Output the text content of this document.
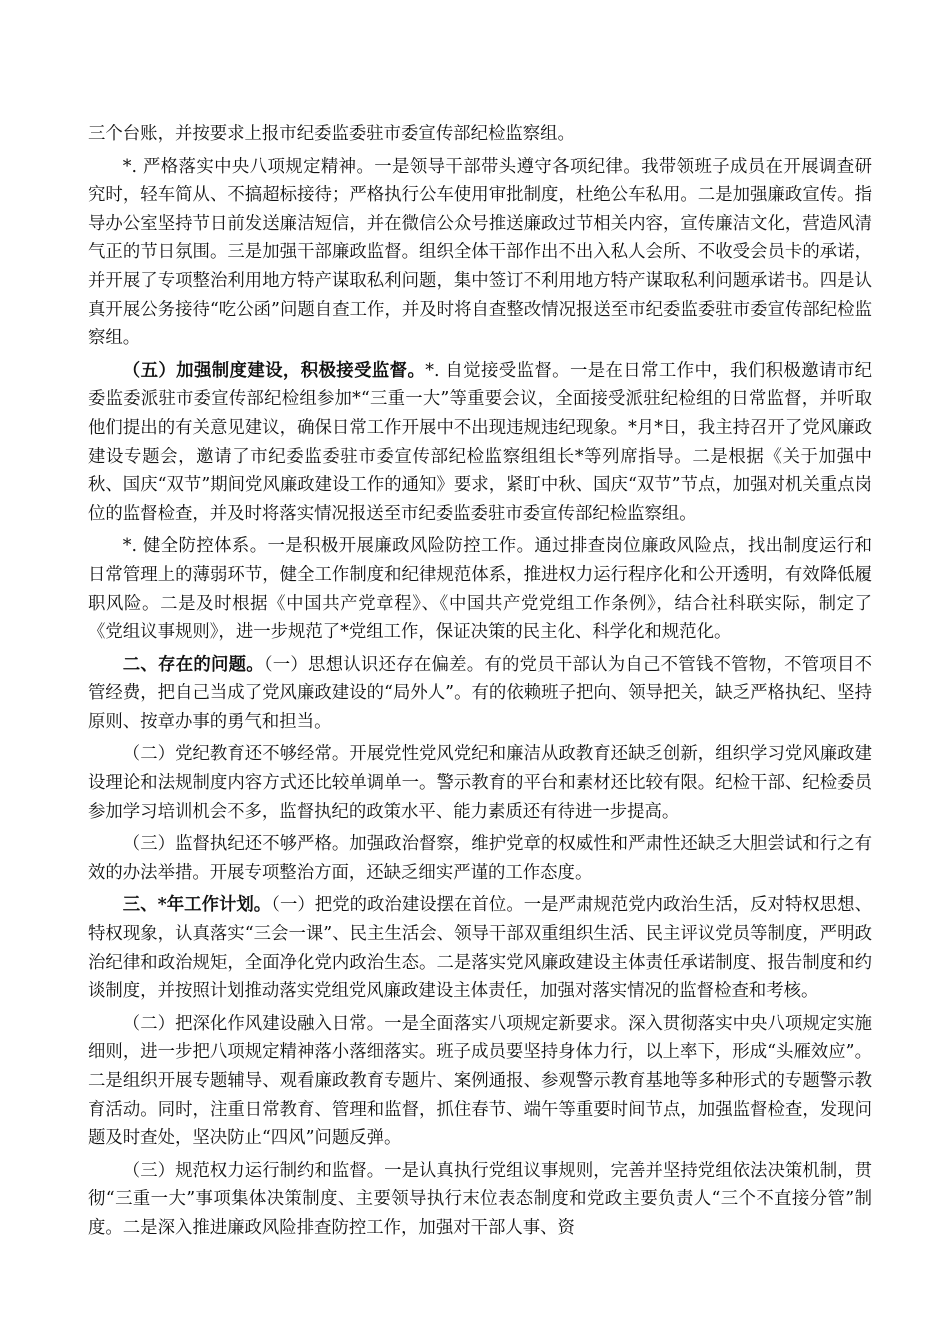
三个台账，并按要求上报市纪委监委驻市委宣传部纪检监察组。

*. 严格落实中央八项规定精神。一是领导干部带头遵守各项纪律。我带领班子成员在开展调查研究时，轻车简从、不搞超标接待；严格执行公车使用审批制度，杜绝公车私用。二是加强廉政宣传。指导办公室坚持节日前发送廉洁短信，并在微信公众号推送廉政过节相关内容，宣传廉洁文化，营造风清气正的节日氛围。三是加强干部廉政监督。组织全体干部作出不出入私人会所、不收受会员卡的承诺，并开展了专项整治利用地方特产谋取私利问题，集中签订不利用地方特产谋取私利问题承诺书。四是认真开展公务接待“吃公函”问题自查工作，并及时将自查整改情况报送至市纪委监委驻市委宣传部纪检监察组。

（五）加强制度建设，积极接受监督。*. 自觉接受监督。一是在日常工作中，我们积极邀请市纪委监委派驻市委宣传部纪检组参加*“三重一大”等重要会议，全面接受派驻纪检组的日常监督，并听取他们提出的有关意见建议，确保日常工作开展中不出现违规违纪现象。*月*日，我主持召开了党风廉政建设专题会，邀请了市纪委监委驻市委宣传部纪检监察组组长*等列席指导。二是根据《关于加强中秋、国庆“双节”期间党风廉政建设工作的通知》要求，紧盯中秋、国庆“双节”节点，加强对机关重点岗位的监督检查，并及时将落实情况报送至市纪委监委驻市委宣传部纪检监察组。

*. 健全防控体系。一是积极开展廉政风险防控工作。通过排查岗位廉政风险点，找出制度运行和日常管理上的薄弱环节，健全工作制度和纪律规范体系，推进权力运行程序化和公开透明，有效降低履职风险。二是及时根据《中国共产党章程》、《中国共产党党组工作条例》，结合社科联实际，制定了《党组议事规则》，进一步规范了*党组工作，保证决策的民主化、科学化和规范化。

二、存在的问题。（一）思想认识还存在偏差。有的党员干部认为自己不管钱不管物，不管项目不管经费，把自己当成了党风廉政建设的“局外人”。有的依赖班子把向、领导把关，缺乏严格执纪、坚持原则、按章办事的勇气和担当。

（二）党纪教育还不够经常。开展党性党风党纪和廉洁从政教育还缺乏创新，组织学习党风廉政建设理论和法规制度内容方式还比较单调单一。警示教育的平台和素材还比较有限。纪检干部、纪检委员参加学习培训机会不多，监督执纪的政策水平、能力素质还有待进一步提高。

（三）监督执纪还不够严格。加强政治督察，维护党章的权威性和严肃性还缺乏大胆尝试和行之有效的办法举措。开展专项整治方面，还缺乏细实严谨的工作态度。

三、*年工作计划。（一）把党的政治建设摆在首位。一是严肃规范党内政治生活，反对特权思想、特权现象，认真落实“三会一课”、民主生活会、领导干部双重组织生活、民主评议党员等制度，严明政治纪律和政治规矩，全面净化党内政治生态。二是落实党风廉政建设主体责任承诺制度、报告制度和约谈制度，并按照计划推动落实党组党风廉政建设主体责任，加强对落实情况的监督检查和考核。

（二）把深化作风建设融入日常。一是全面落实八项规定新要求。深入贯彻落实中央八项规定实施细则，进一步把八项规定精神落小落细落实。班子成员要坚持身体力行，以上率下，形成“头雁效应”。二是组织开展专题辅导、观看廉政教育专题片、案例通报、参观警示教育基地等多种形式的专题警示教育活动。同时，注重日常教育、管理和监督，抓住春节、端午等重要时间节点，加强监督检查，发现问题及时查处，坚决防止“四风”问题反弹。

（三）规范权力运行制约和监督。一是认真执行党组议事规则，完善并坚持党组依法决策机制，贯彻“三重一大”事项集体决策制度、主要领导执行末位表态制度和党政主要负责人“三个不直接分管”制度。二是深入推进廉政风险排查防控工作，加强对干部人事、资
